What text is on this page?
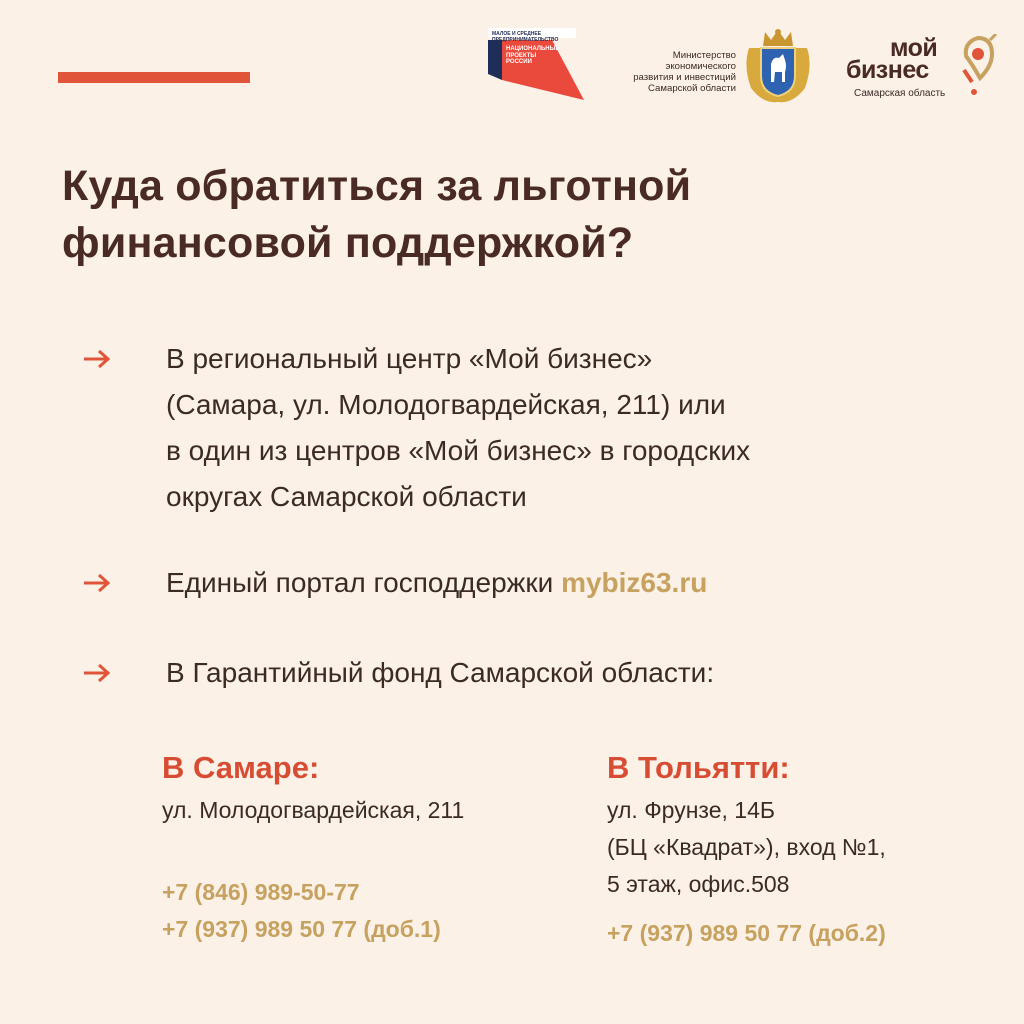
МАЛОЕ И СРЕДНЕЕ ПРЕДПРИНИМАТЕЛЬСТВО
НАЦИОНАЛЬНЫЕ ПРОЕКТЫ РОССИИ
Министерство
экономического
развития и инвестиций
Самарской области
мой
бизнес
Самарская область
Куда обратиться за льготной
финансовой поддержкой?
В региональный центр «Мой бизнес»
(Самара, ул. Молодогвардейская, 211) или
в один из центров «Мой бизнес» в городских
округах Самарской области
Единый портал господдержки mybiz63.ru
В Гарантийный фонд Самарской области:
В Самаре:
ул. Молодогвардейская, 211
+7 (846) 989-50-77
+7 (937) 989 50 77 (доб.1)
В Тольятти:
ул. Фрунзе, 14Б
(БЦ «Квадрат»), вход №1,
5 этаж, офис.508
+7 (937) 989 50 77 (доб.2)
